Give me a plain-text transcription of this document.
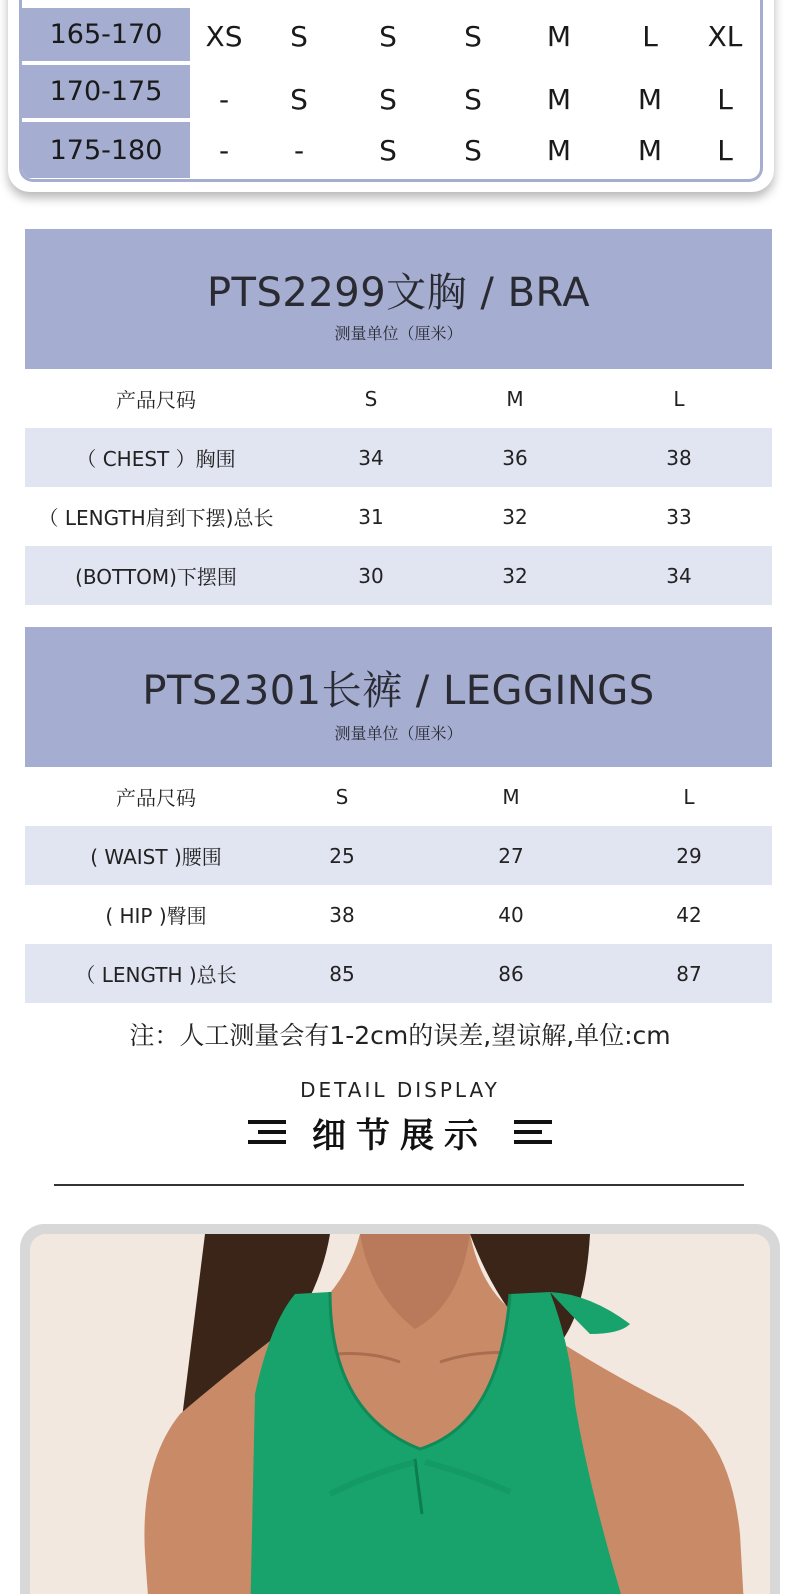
165-170	XS	S	S	S	M	L	XL
170-175	-	S	S	S	M	M	L
175-180	-	-	S	S	M	M	L
PTS2299文胸 / BRA
测量单位（厘米）
产品尺码	S	M	L
（ CHEST ）胸围	34	36	38
（ LENGTH肩到下摆)总长	31	32	33
(BOTTOM)下摆围	30	32	34
PTS2301长裤 / LEGGINGS
测量单位（厘米）
产品尺码	S	M	L
( WAIST )腰围	25	27	29
( HIP )臀围	38	40	42
（ LENGTH )总长	85	86	87
注：人工测量会有1-2cm的误差,望谅解,单位:cm
DETAIL DISPLAY
细节展示
